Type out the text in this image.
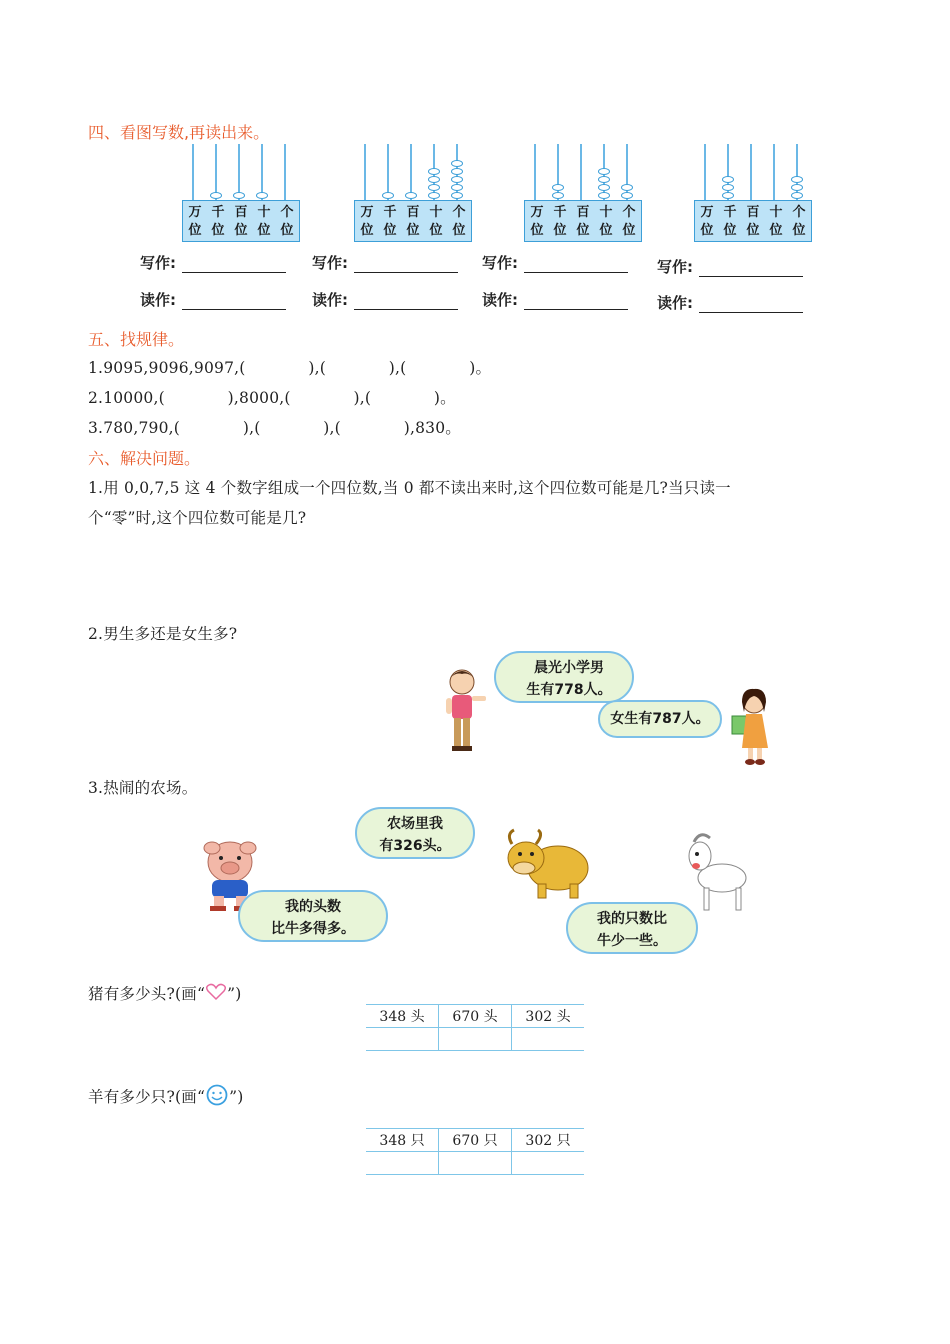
四、看图写数,再读出来。
万 千 百 十 个
位 位 位 位 位
万 千 百 十 个
位 位 位 位 位
万 千 百 十 个
位 位 位 位 位
万 千 百 十 个
位 位 位 位 位
写作:	写作:	写作:	写作:
读作:	读作:	读作:	读作:
五、找规律。
1.9095,9096,9097,(　　　　),(　　　　),(　　　　)。
2.10000,(　　　　),8000,(　　　　),(　　　　)。
3.780,790,(　　　　),(　　　　),(　　　　),830。
六、解决问题。
1.用 0,0,7,5 这 4 个数字组成一个四位数,当 0 都不读出来时,这个四位数可能是几?当只读一
个“零”时,这个四位数可能是几?
2.男生多还是女生多?
晨光小学男
生有778人。
女生有787人。
3.热闹的农场。
农场里我
有326头。
我的头数
比牛多得多。
我的只数比
牛少一些。
猪有多少头?(画“ ”)
348 头	670 头	302 头

羊有多少只?(画“ ”)
348 只	670 只	302 只
